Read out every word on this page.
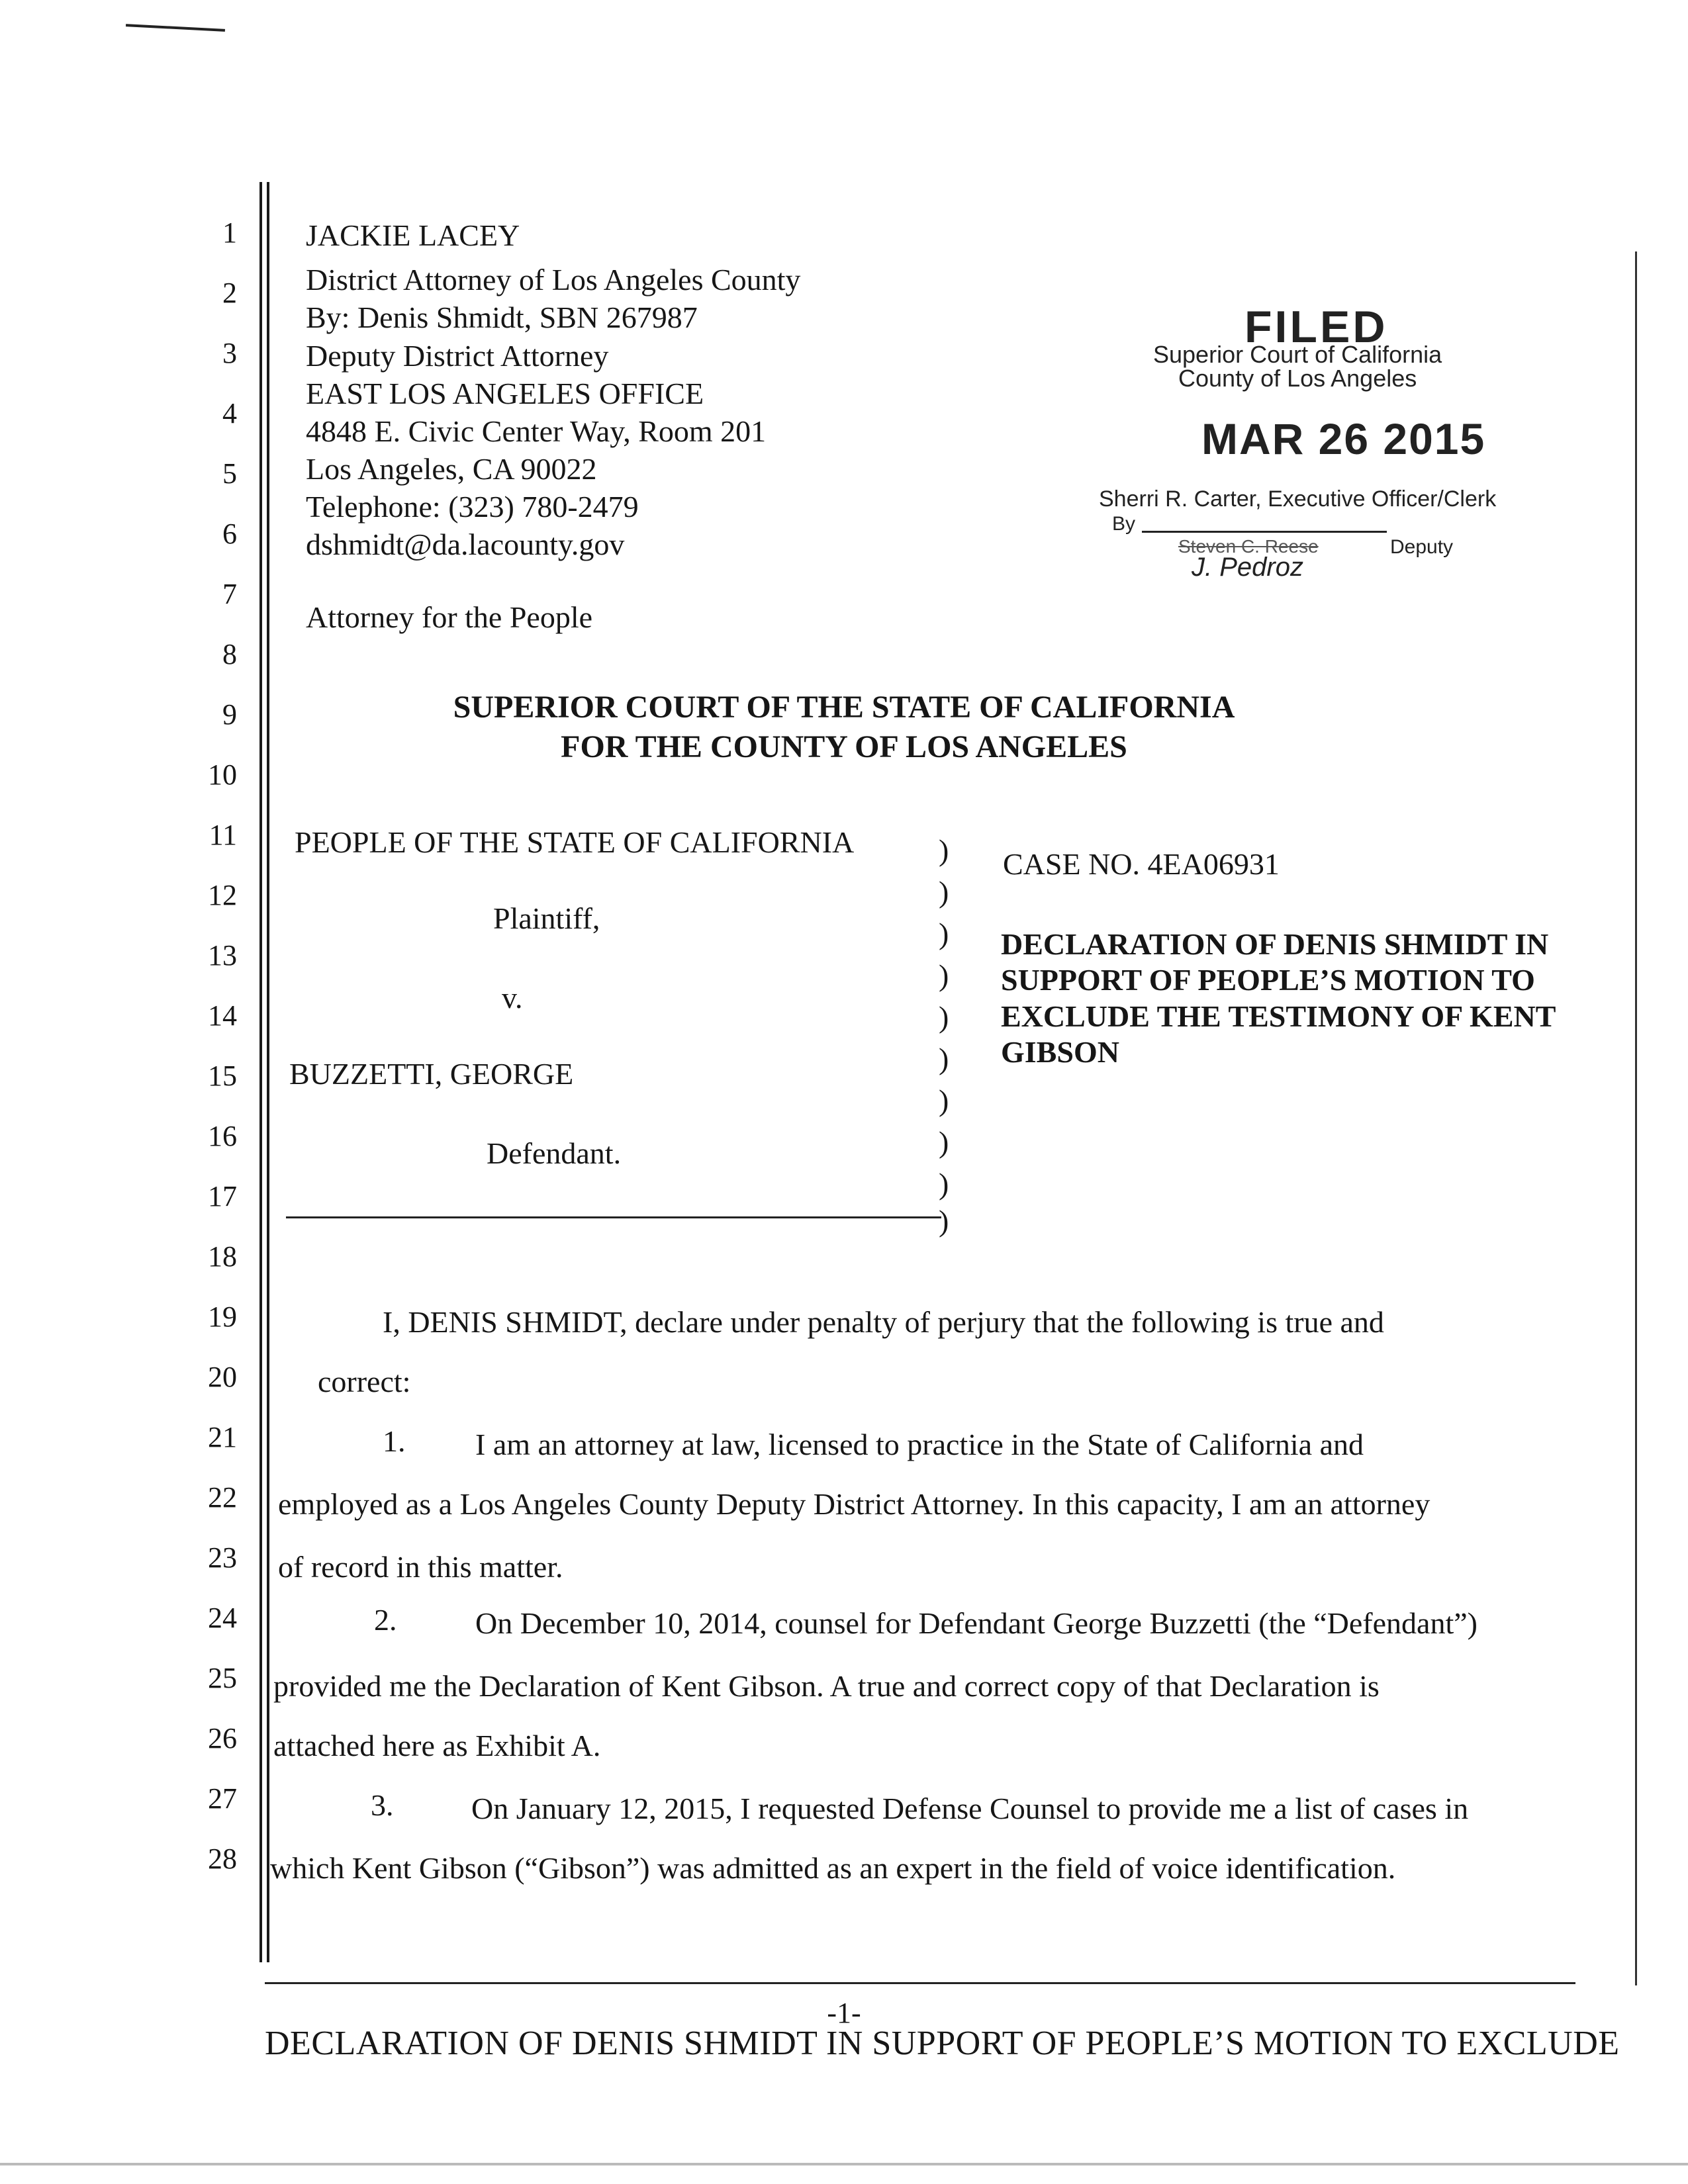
1
2
3
4
5
6
7
8
9
10
11
12
13
14
15
16
17
18
19
20
21
22
23
24
25
26
27
28
JACKIE LACEY
District Attorney of Los Angeles County
By: Denis Shmidt, SBN 267987
Deputy District Attorney
EAST LOS ANGELES OFFICE
4848 E. Civic Center Way, Room 201
Los Angeles, CA 90022
Telephone: (323) 780-2479
dshmidt@da.lacounty.gov
Attorney for the People
FILED
Superior Court of California
County of Los Angeles
MAR 26 2015
Sherri R. Carter, Executive Officer/Clerk
By
Deputy
Steven C. Reese
J. Pedroz
SUPERIOR COURT OF THE STATE OF CALIFORNIA
FOR THE COUNTY OF LOS ANGELES
PEOPLE OF THE STATE OF CALIFORNIA
Plaintiff,
v.
BUZZETTI, GEORGE
Defendant.
)
)
)
)
)
)
)
)
)
)
CASE NO. 4EA06931
DECLARATION OF DENIS SHMIDT IN SUPPORT OF PEOPLE’S MOTION TO EXCLUDE THE TESTIMONY OF KENT GIBSON
I, DENIS SHMIDT, declare under penalty of perjury that the following is true and
correct:
1. I am an attorney at law, licensed to practice in the State of California and
employed as a Los Angeles County Deputy District Attorney. In this capacity, I am an attorney
of record in this matter.
2.	On December 10, 2014, counsel for Defendant George Buzzetti (the “Defendant”)
provided me the Declaration of Kent Gibson. A true and correct copy of that Declaration is
attached here as Exhibit A.
3.	On January 12, 2015, I requested Defense Counsel to provide me a list of cases in
which Kent Gibson (“Gibson”) was admitted as an expert in the field of voice identification.
-1-
DECLARATION OF DENIS SHMIDT IN SUPPORT OF PEOPLE’S MOTION TO EXCLUDE
